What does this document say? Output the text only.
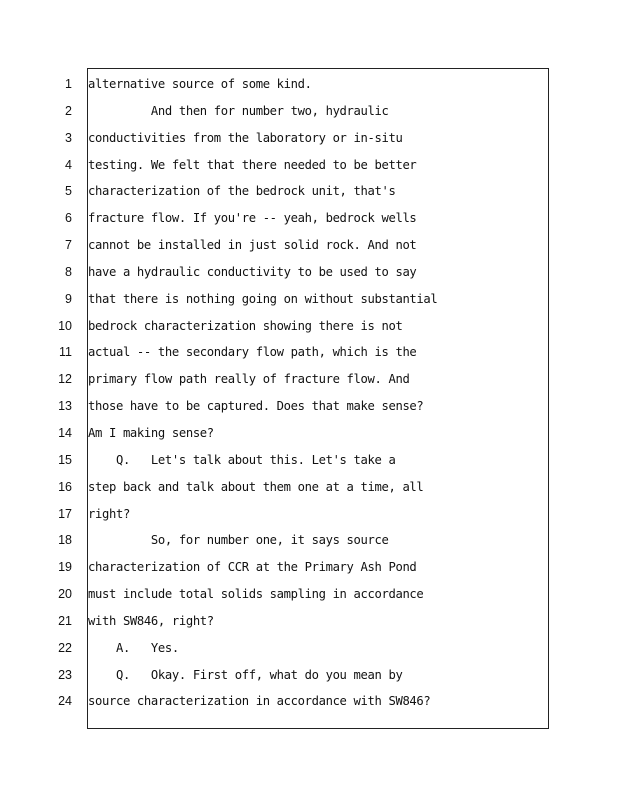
1 alternative source of some kind.
2 And then for number two, hydraulic
3 conductivities from the laboratory or in-situ
4 testing. We felt that there needed to be better
5 characterization of the bedrock unit, that's
6 fracture flow. If you're -- yeah, bedrock wells
7 cannot be installed in just solid rock. And not
8 have a hydraulic conductivity to be used to say
9 that there is nothing going on without substantial
10 bedrock characterization showing there is not
11 actual -- the secondary flow path, which is the
12 primary flow path really of fracture flow. And
13 those have to be captured. Does that make sense?
14 Am I making sense?
15 Q.   Let's talk about this. Let's take a
16 step back and talk about them one at a time, all
17 right?
18 So, for number one, it says source
19 characterization of CCR at the Primary Ash Pond
20 must include total solids sampling in accordance
21 with SW846, right?
22 A.   Yes.
23 Q.   Okay. First off, what do you mean by
24 source characterization in accordance with SW846?
